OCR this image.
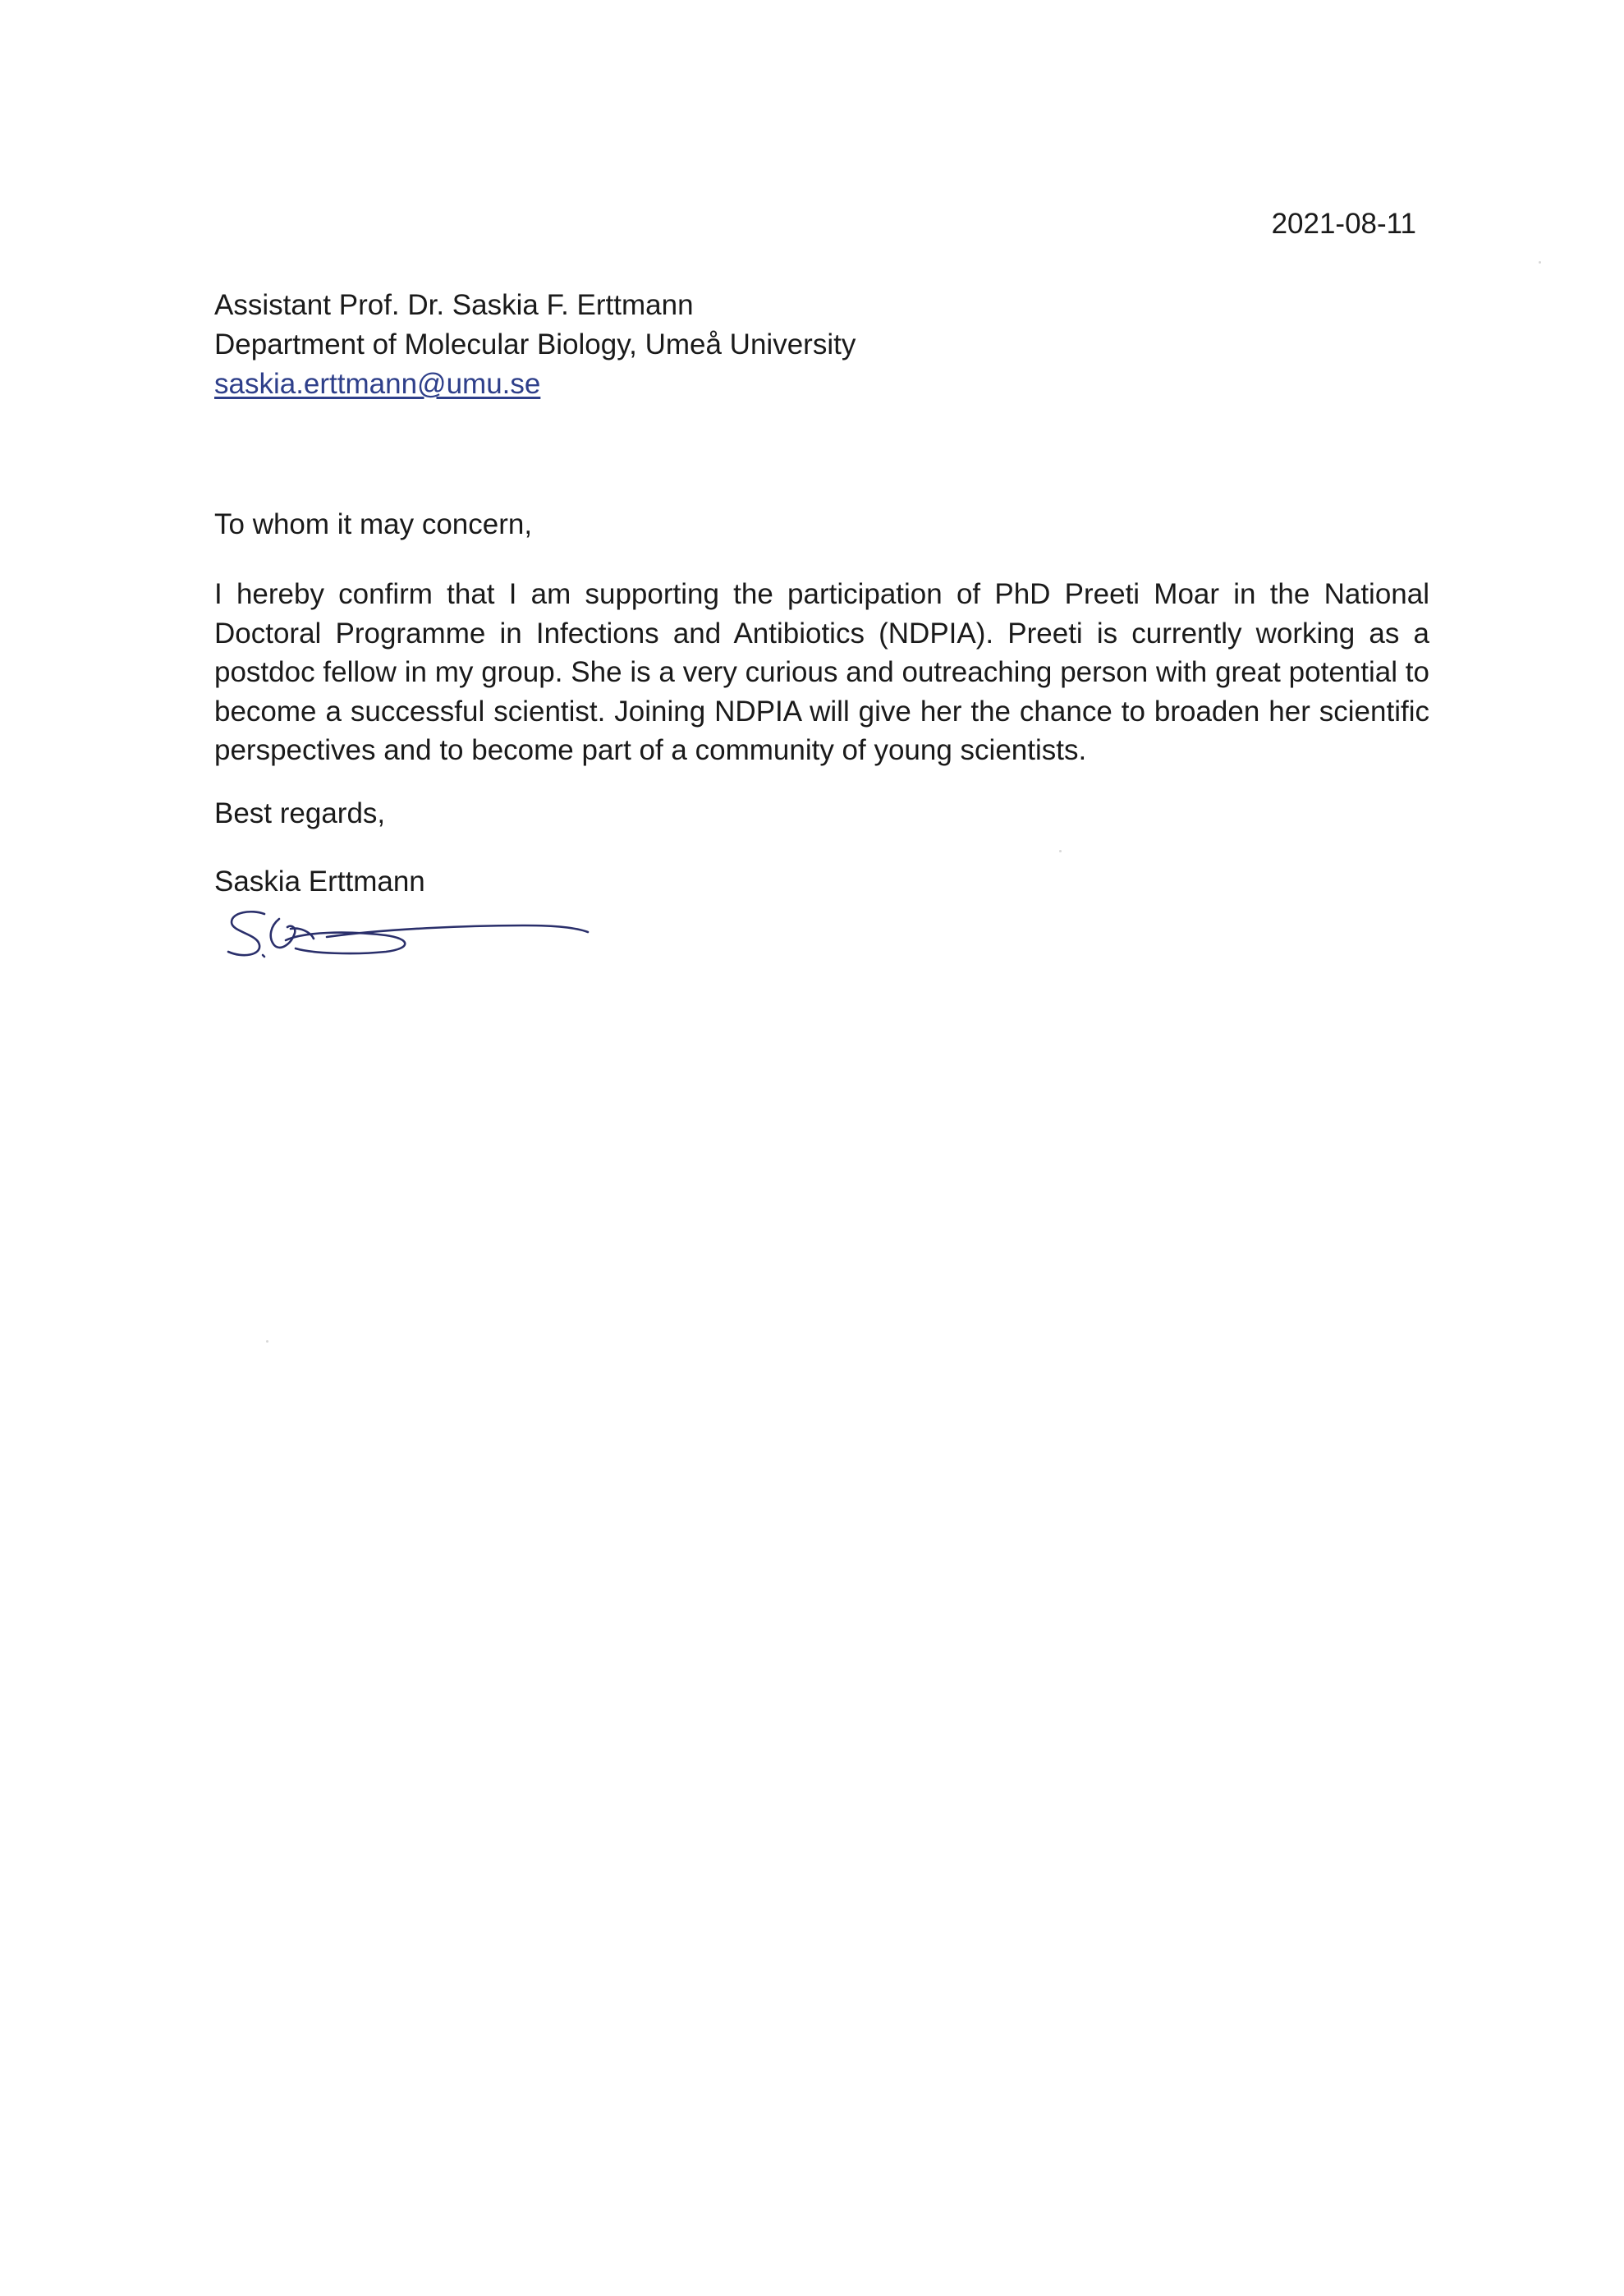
2021-08-11
Assistant Prof. Dr. Saskia F. Erttmann
Department of Molecular Biology, Umeå University
saskia.erttmann@umu.se
To whom it may concern,

I hereby confirm that I am supporting the participation of PhD Preeti Moar in the National Doctoral Programme in Infections and Antibiotics (NDPIA). Preeti is currently working as a postdoc fellow in my group. She is a very curious and outreaching person with great potential to become a successful scientist. Joining NDPIA will give her the chance to broaden her scientific perspectives and to become part of a community of young scientists.

Best regards,
Saskia Erttmann
